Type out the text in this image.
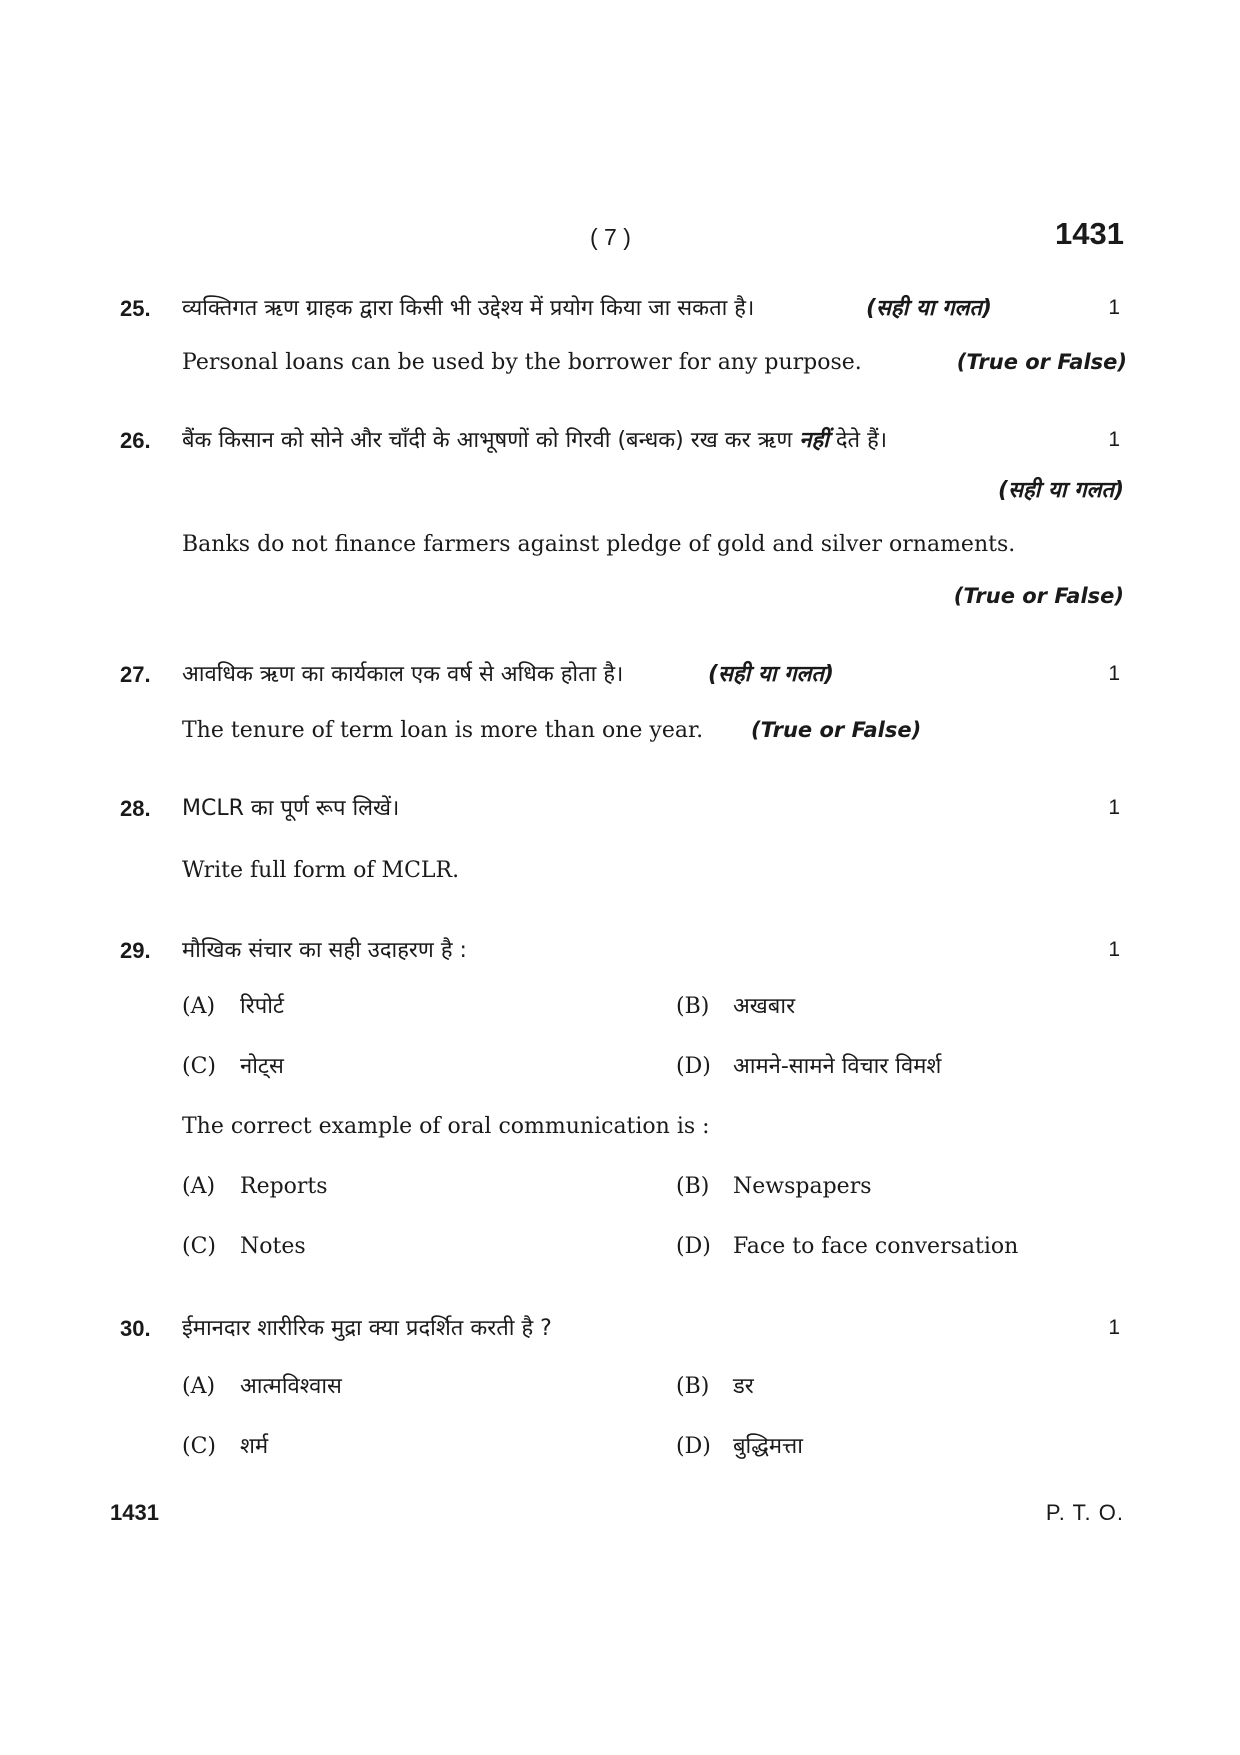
( 7 )	1431
25. व्यक्तिगत ऋण ग्राहक द्वारा किसी भी उद्देश्य में प्रयोग किया जा सकता है।	(सही या गलत)	1
Personal loans can be used by the borrower for any purpose.	(True or False)
26. बैंक किसान को सोने और चाँदी के आभूषणों को गिरवी (बन्धक) रख कर ऋण नहीं देते हैं।	1
(सही या गलत)
Banks do not finance farmers against pledge of gold and silver ornaments.
(True or False)
27. आवधिक ऋण का कार्यकाल एक वर्ष से अधिक होता है।	(सही या गलत)	1
The tenure of term loan is more than one year. (True or False)
28. MCLR का पूर्ण रूप लिखें।	1
Write full form of MCLR.
29. मौखिक संचार का सही उदाहरण है :	1
(A) रिपोर्ट	(B) अखबार
(C) नोट्स	(D) आमने-सामने विचार विमर्श
The correct example of oral communication is :
(A) Reports	(B) Newspapers
(C) Notes	(D) Face to face conversation
30. ईमानदार शारीरिक मुद्रा क्या प्रदर्शित करती है ?	1
(A) आत्मविश्वास	(B) डर
(C) शर्म	(D) बुद्धिमत्ता
1431	P. T. O.
